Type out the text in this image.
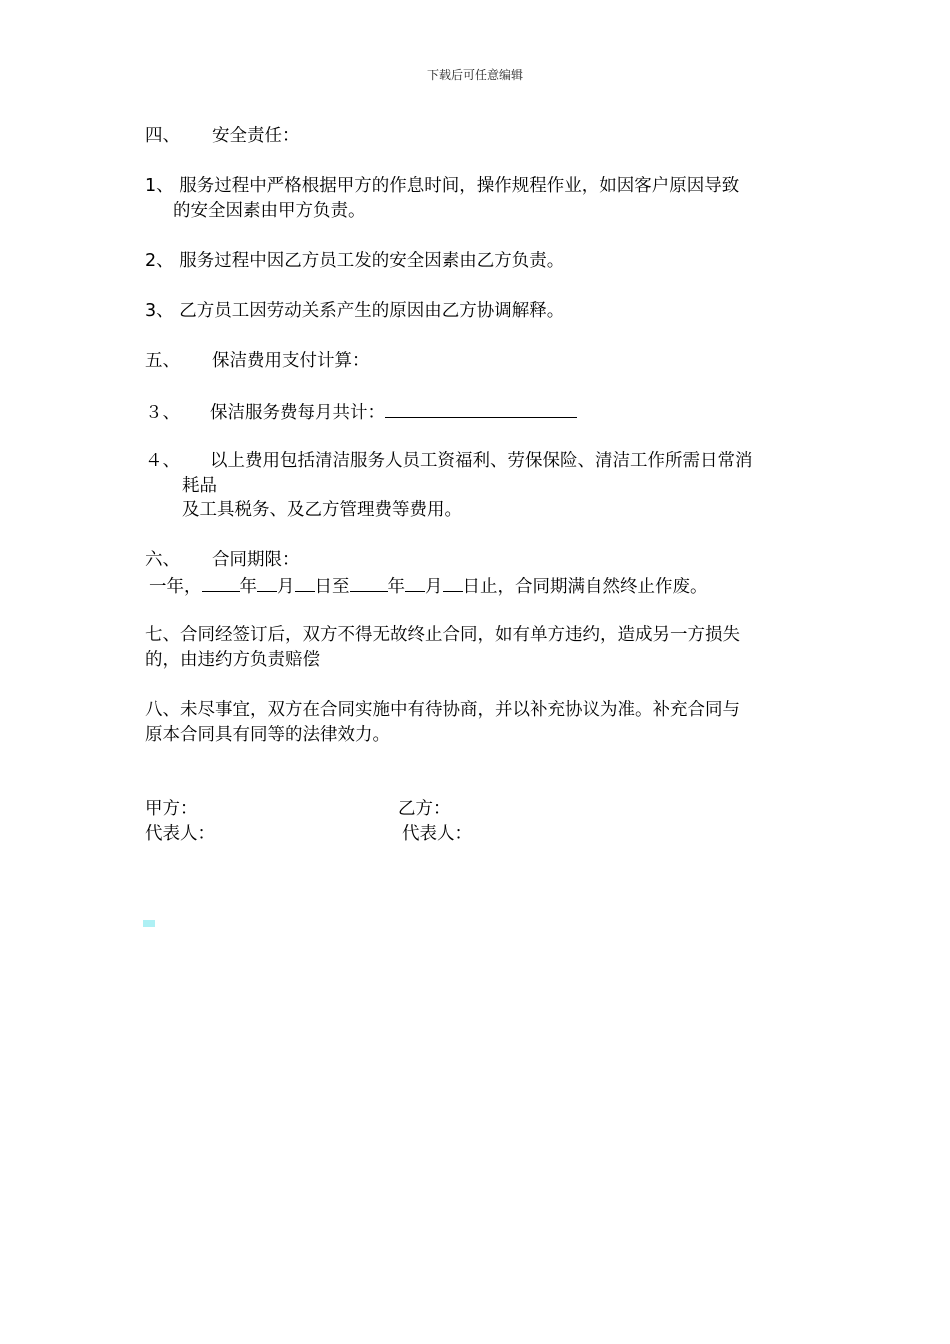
下载后可任意编辑
四、 安全责任：
1、 服务过程中严格根据甲方的作息时间，操作规程作业，如因客户原因导致
的安全因素由甲方负责。
2、 服务过程中因乙方员工发的安全因素由乙方负责。
3、 乙方员工因劳动关系产生的原因由乙方协调解释。
五、 保洁费用支付计算：
３、 保洁服务费每月共计：
４、 以上费用包括清洁服务人员工资福利、劳保保险、清洁工作所需日常消
耗品
及工具税务、及乙方管理费等费用。
六、 合同期限：
一年， 年 月 日至 年 月 日止，合同期满自然终止作废。
七、合同经签订后，双方不得无故终止合同，如有单方违约，造成另一方损失
的，由违约方负责赔偿
八、未尽事宜，双方在合同实施中有待协商，并以补充协议为准。补充合同与
原本合同具有同等的法律效力。
甲方：	乙方：
代表人：	代表人：
